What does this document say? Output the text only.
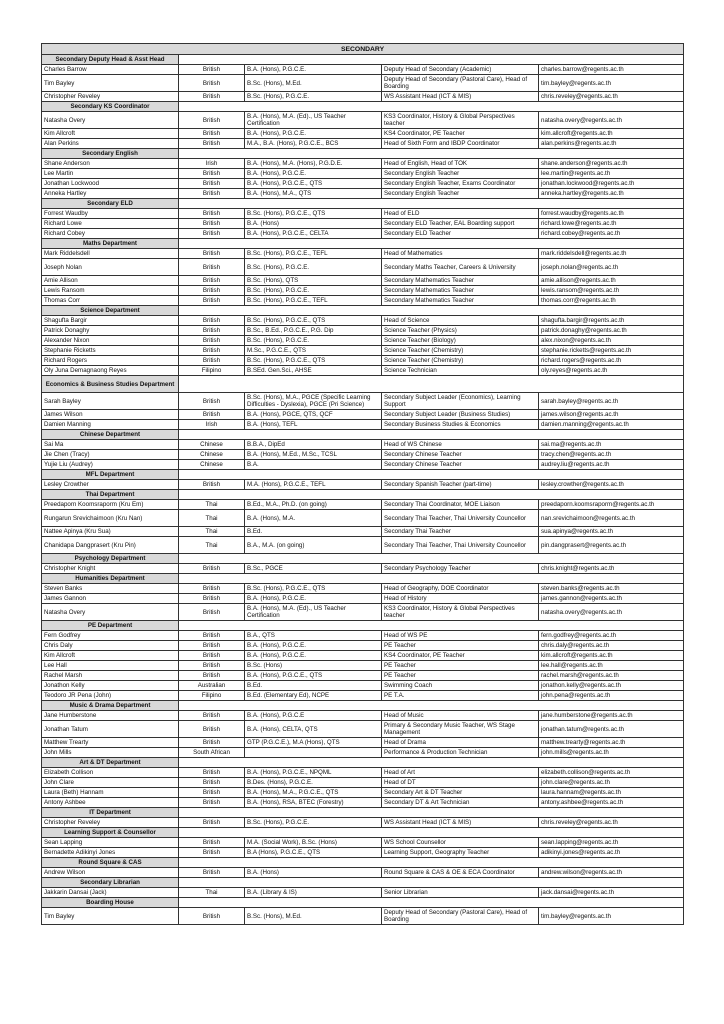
SECONDARY				
Secondary Deputy Head & Asst Head				
Charles Barrow	British	B.A. (Hons), P.G.C.E.	Deputy Head of Secondary (Academic)	charles.barrow@regents.ac.th
Tim Bayley	British	B.Sc. (Hons), M.Ed.	Deputy Head of Secondary (Pastoral Care), Head of Boarding	tim.bayley@regents.ac.th
Christopher Reveley	British	B.Sc. (Hons), P.G.C.E.	WS Assistant Head (ICT & MIS)	chris.reveley@regents.ac.th
Secondary KS Coordinator				
Natasha Overy	British	B.A. (Hons), M.A. (Ed)., US Teacher Certification	KS3 Coordinator, History & Global Perspectives teacher	natasha.overy@regents.ac.th
Kim Allcroft	British	B.A. (Hons), P.G.C.E.	KS4 Coordinator, PE Teacher	kim.allcroft@regents.ac.th
Alan Perkins	British	M.A., B.A. (Hons), P.G.C.E., BCS	Head of Sixth Form and IBDP Coordinator	alan.perkins@regents.ac.th
Secondary English				
Shane Anderson	Irish	B.A. (Hons), M.A. (Hons), P.G.D.E.	Head of English, Head of TOK	shane.anderson@regents.ac.th
Lee Martin	British	B.A. (Hons), P.G.C.E.	Secondary English Teacher	lee.martin@regents.ac.th
Jonathan Lockwood	British	B.A. (Hons), P.G.C.E., QTS	Secondary English Teacher, Exams Coordinator	jonathan.lockwood@regents.ac.th
Anneka Hartley	British	B.A. (Hons), M.A., QTS	Secondary English Teacher	anneka.hartley@regents.ac.th
Secondary ELD				
Forrest Waudby	British	B.Sc. (Hons), P.G.C.E., QTS	Head of ELD	forrest.waudby@regents.ac.th
Richard Lowe	British	B.A. (Hons)	Secondary ELD Teacher, EAL Boarding support	richard.lowe@regents.ac.th
Richard Cobey	British	B.A. (Hons), P.G.C.E., CELTA	Secondary ELD Teacher	richard.cobey@regents.ac.th
Maths Department				
Mark Riddelsdell	British	B.Sc. (Hons), P.G.C.E., TEFL	Head of Mathematics	mark.riddelsdell@regents.ac.th
Joseph Nolan	British	B.Sc. (Hons), P.G.C.E.	Secondary Maths Teacher, Careers & University	joseph.nolan@regents.ac.th
Amie Allison	British	B.Sc. (Hons), QTS	Secondary Mathematics Teacher	amie.allison@regents.ac.th
Lewis Ransom	British	B.Sc. (Hons), P.G.C.E.	Secondary Mathematics Teacher	lewis.ransom@regents.ac.th
Thomas Corr	British	B.Sc. (Hons), P.G.C.E., TEFL	Secondary Mathematics Teacher	thomas.corr@regents.ac.th
Science Department				
Shagufta Bargir	British	B.Sc. (Hons), P.G.C.E., QTS	Head of Science	shagufta.bargir@regents.ac.th
Patrick Donaghy	British	B.Sc., B.Ed., P.G.C.E., P.G. Dip	Science Teacher (Physics)	patrick.donaghy@regents.ac.th
Alexander Nixon	British	B.Sc. (Hons), P.G.C.E.	Science Teacher (Biology)	alex.nixon@regents.ac.th
Stephanie Ricketts	British	M.Sc., P.G.C.E., QTS	Science Teacher (Chemistry)	stephanie.ricketts@regents.ac.th
Richard Rogers	British	B.Sc. (Hons), P.G.C.E., QTS	Science Teacher (Chemistry)	richard.rogers@regents.ac.th
Oly Juna Demagnaong Reyes	Filipino	B.SEd. Gen.Sci., AHSE	Science Technician	oly.reyes@regents.ac.th
Economics & Business Studies Department				
Sarah Bayley	British	B.Sc. (Hons), M.A., PGCE (Specific Learning Difficulties - Dyslexia), PGCE (Pri Science)	Secondary Subject Leader (Economics), Learning Support	sarah.bayley@regents.ac.th
James Wilson	British	B.A. (Hons), PGCE, QTS, QCF	Secondary Subject Leader (Business Studies)	james.wilson@regents.ac.th
Damien Manning	Irish	B.A. (Hons), TEFL	Secondary Business Studies & Economics	damien.manning@regents.ac.th
Chinese Department				
Sai Ma	Chinese	B.B.A., DipEd	Head of WS Chinese	sai.ma@regents.ac.th
Jie Chen (Tracy)	Chinese	B.A. (Hons), M.Ed., M.Sc., TCSL	Secondary Chinese Teacher	tracy.chen@regents.ac.th
Yujie Liu (Audrey)	Chinese	B.A.	Secondary Chinese Teacher	audrey.liu@regents.ac.th
MFL Department				
Lesley Crowther	British	M.A. (Hons), P.G.C.E., TEFL	Secondary Spanish Teacher (part-time)	lesley.crowther@regents.ac.th
Thai Department				
Preedaporn Koomsraporm (Kru Em)	Thai	B.Ed., M.A., Ph.D. (on going)	Secondary Thai Coordinator, MOE Liaison	preedaporn.koomsraporm@regents.ac.th
Rungarun Srevichaimoon (Kru Nan)	Thai	B.A. (Hons), M.A.	Secondary Thai Teacher, Thai University Councellor	nan.srevichaimoon@regents.ac.th
Nattee Apinya (Kru Sua)	Thai	B.Ed.	Secondary Thai Teacher	sua.apinya@regents.ac.th
Chanidapa Dangprasert (Kru Pin)	Thai	B.A., M.A. (on going)	Secondary Thai Teacher, Thai University Councellor	pin.dangprasert@regents.ac.th
Psychology Department				
Christopher Knight	British	B.Sc., PGCE	Secondary Psychology Teacher	chris.knight@regents.ac.th
Humanities Department				
Steven Banks	British	B.Sc. (Hons), P.G.C.E., QTS	Head of Geography, DOE Coordinator	steven.banks@regents.ac.th
James Gannon	British	B.A. (Hons), P.G.C.E.	Head of History	james.gannon@regents.ac.th
Natasha Overy	British	B.A. (Hons), M.A. (Ed)., US Teacher Certification	KS3 Coordinator, History & Global Perspectives teacher	natasha.overy@regents.ac.th
PE Department				
Fern Godfrey	British	B.A., QTS	Head of WS PE	fern.godfrey@regents.ac.th
Chris Daly	British	B.A. (Hons), P.G.C.E.	PE Teacher	chris.daly@regents.ac.th
Kim Allcroft	British	B.A. (Hons), P.G.C.E.	KS4 Coordinator, PE Teacher	kim.allcroft@regents.ac.th
Lee Hall	British	B.Sc. (Hons)	PE Teacher	lee.hall@regents.ac.th
Rachel Marsh	British	B.A. (Hons), P.G.C.E., QTS	PE Teacher	rachel.marsh@regents.ac.th
Jonathon Kelly	Australian	B.Ed.	Swimming Coach	jonathon.kelly@regents.ac.th
Teodoro JR Pena (John)	Filipino	B.Ed. (Elementary Ed), NCPE	PE T.A.	john.pena@regents.ac.th
Music & Drama Department				
Jane Humberstone	British	B.A. (Hons), P.G.C.E	Head of Music	jane.humberstone@regents.ac.th
Jonathan Tatum	British	B.A. (Hons), CELTA, QTS	Primary & Secondary Music Teacher, WS Stage Management	jonathan.tatum@regents.ac.th
Matthew Trearty	British	GTP (P.G.C.E.), M.A (Hons), QTS	Head of Drama	matthew.trearty@regents.ac.th
John Mills	South African		Performance & Production Technician	john.mills@regents.ac.th
Art & DT Department				
Elizabeth Collison	British	B.A. (Hons), P.G.C.E., NPQML	Head of Art	elizabeth.collison@regents.ac.th
John Clare	British	B.Des. (Hons), P.G.C.E.	Head of DT	john.clare@regents.ac.th
Laura (Beth) Hannam	British	B.A. (Hons), M.A., P.G.C.E., QTS	Secondary Art & DT Teacher	laura.hannam@regents.ac.th
Antony Ashbee	British	B.A. (Hons), RSA, BTEC (Forestry)	Secondary DT & Art Technician	antony.ashbee@regents.ac.th
IT Department				
Christopher Reveley	British	B.Sc. (Hons), P.G.C.E.	WS Assistant Head (ICT & MIS)	chris.reveley@regents.ac.th
Learning Support & Counsellor				
Sean Lapping	British	M.A. (Social Work), B.Sc. (Hons)	WS School Counsellor	sean.lapping@regents.ac.th
Bernadette Adikinyi Jones	British	B.A (Hons), P.G.C.E., QTS	Learning Support, Geography Teacher	adikinyi.jones@regents.ac.th
Round Square & CAS				
Andrew Wilson	British	B.A. (Hons)	Round Square & CAS & OE & ECA Coordinator	andrew.wilson@regents.ac.th
Secondary Librarian				
Jakkarin Dansai (Jack)	Thai	B.A. (Library & IS)	Senior Librarian	jack.dansai@regents.ac.th
Boarding House				
Tim Bayley	British	B.Sc. (Hons), M.Ed.	Deputy Head of Secondary (Pastoral Care), Head of Boarding	tim.bayley@regents.ac.th
